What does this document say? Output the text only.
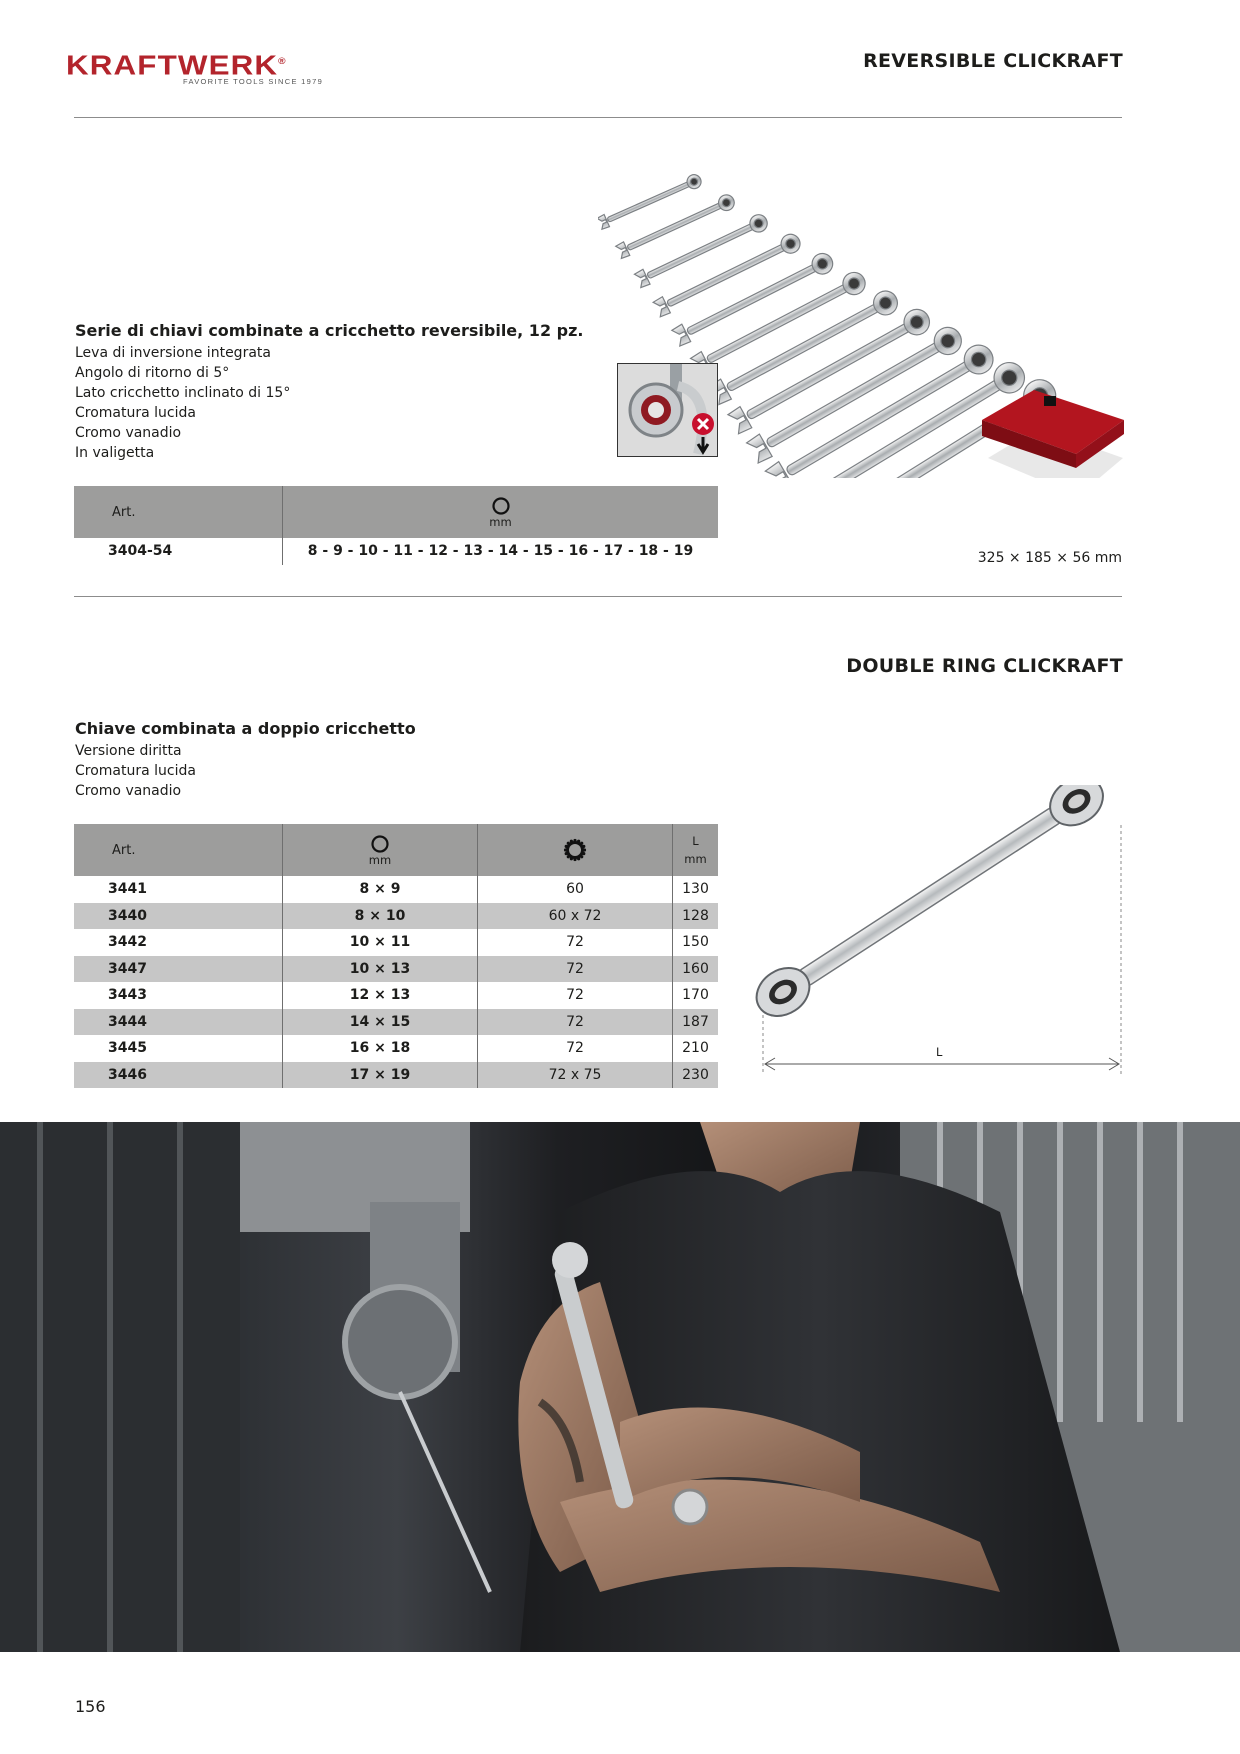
KRAFTWERK®
FAVORITE TOOLS SINCE 1979
REVERSIBLE CLICKRAFT
Serie di chiavi combinate a cricchetto reversibile, 12 pz.
Leva di inversione integrata
Angolo di ritorno di 5°
Lato cricchetto inclinato di 15°
Cromatura lucida
Cromo vanadio
In valigetta
Art.	mm

3404-54	8 - 9 - 10 - 11 - 12 - 13 - 14 - 15 - 16 - 17 - 18 - 19	325 × 185 × 56 mm
DOUBLE RING CLICKRAFT
Chiave combinata a doppio cricchetto
Versione diritta
Cromatura lucida
Cromo vanadio
Art.	mm		L
mm

3441	8 × 9	60	130
3440	8 × 10	60 x 72	128
3442	10 × 11	72	150
3447	10 × 13	72	160
3443	12 × 13	72	170
3444	14 × 15	72	187
3445	16 × 18	72	210
3446	17 × 19	72 x 75	230
L
156
